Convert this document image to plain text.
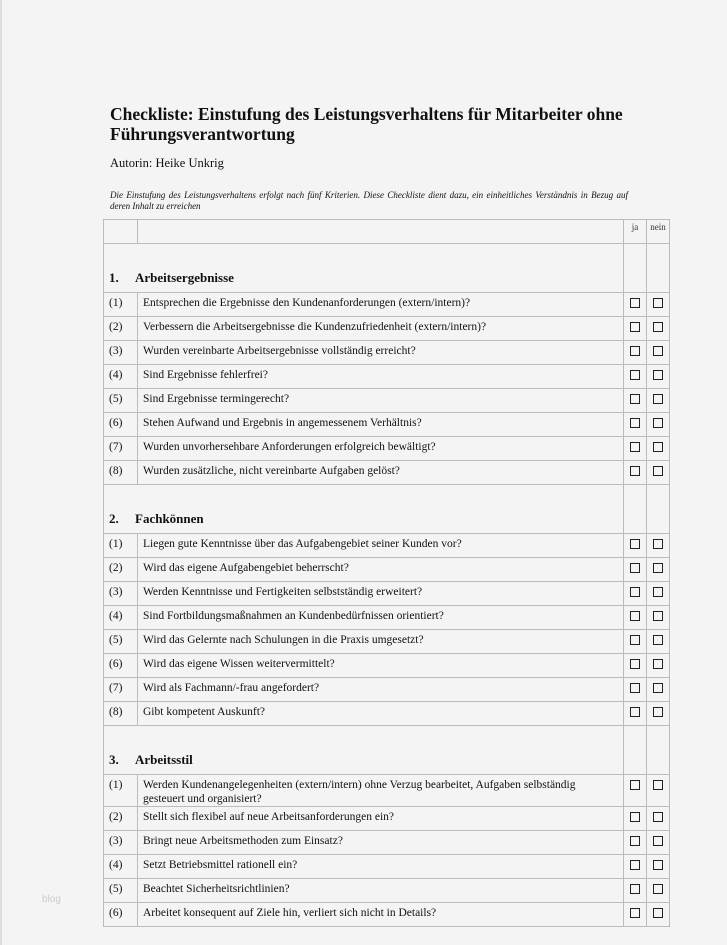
Checkliste: Einstufung des Leistungsverhaltens für Mitarbeiter ohne Führungsverantwortung
Autorin: Heike Unkrig
Die Einstufung des Leistungsverhaltens erfolgt nach fünf Kriterien. Diese Checkliste dient dazu, ein einheitliches Verständnis in Bezug auf deren Inhalt zu erreichen
		ja	nein
1. Arbeitsergebnisse			
(1)	Entsprechen die Ergebnisse den Kundenanforderungen (extern/intern)?		
(2)	Verbessern die Arbeitsergebnisse die Kundenzufriedenheit (extern/intern)?		
(3)	Wurden vereinbarte Arbeitsergebnisse vollständig erreicht?		
(4)	Sind Ergebnisse fehlerfrei?		
(5)	Sind Ergebnisse termingerecht?		
(6)	Stehen Aufwand und Ergebnis in angemessenem Verhältnis?		
(7)	Wurden unvorhersehbare Anforderungen erfolgreich bewältigt?		
(8)	Wurden zusätzliche, nicht vereinbarte Aufgaben gelöst?		
2. Fachkönnen			
(1)	Liegen gute Kenntnisse über das Aufgabengebiet seiner Kunden vor?		
(2)	Wird das eigene Aufgabengebiet beherrscht?		
(3)	Werden Kenntnisse und Fertigkeiten selbstständig erweitert?		
(4)	Sind Fortbildungsmaßnahmen an Kundenbedürfnissen orientiert?		
(5)	Wird das Gelernte nach Schulungen in die Praxis umgesetzt?		
(6)	Wird das eigene Wissen weitervermittelt?		
(7)	Wird als Fachmann/-frau angefordert?		
(8)	Gibt kompetent Auskunft?		
3. Arbeitsstil			
(1)	Werden Kundenangelegenheiten (extern/intern) ohne Verzug bearbeitet, Aufgaben selbständig gesteuert und organisiert?		
(2)	Stellt sich flexibel auf neue Arbeitsanforderungen ein?		
(3)	Bringt neue Arbeitsmethoden zum Einsatz?		
(4)	Setzt Betriebsmittel rationell ein?		
(5)	Beachtet Sicherheitsrichtlinien?		
(6)	Arbeitet konsequent auf Ziele hin, verliert sich nicht in Details?		
blog
